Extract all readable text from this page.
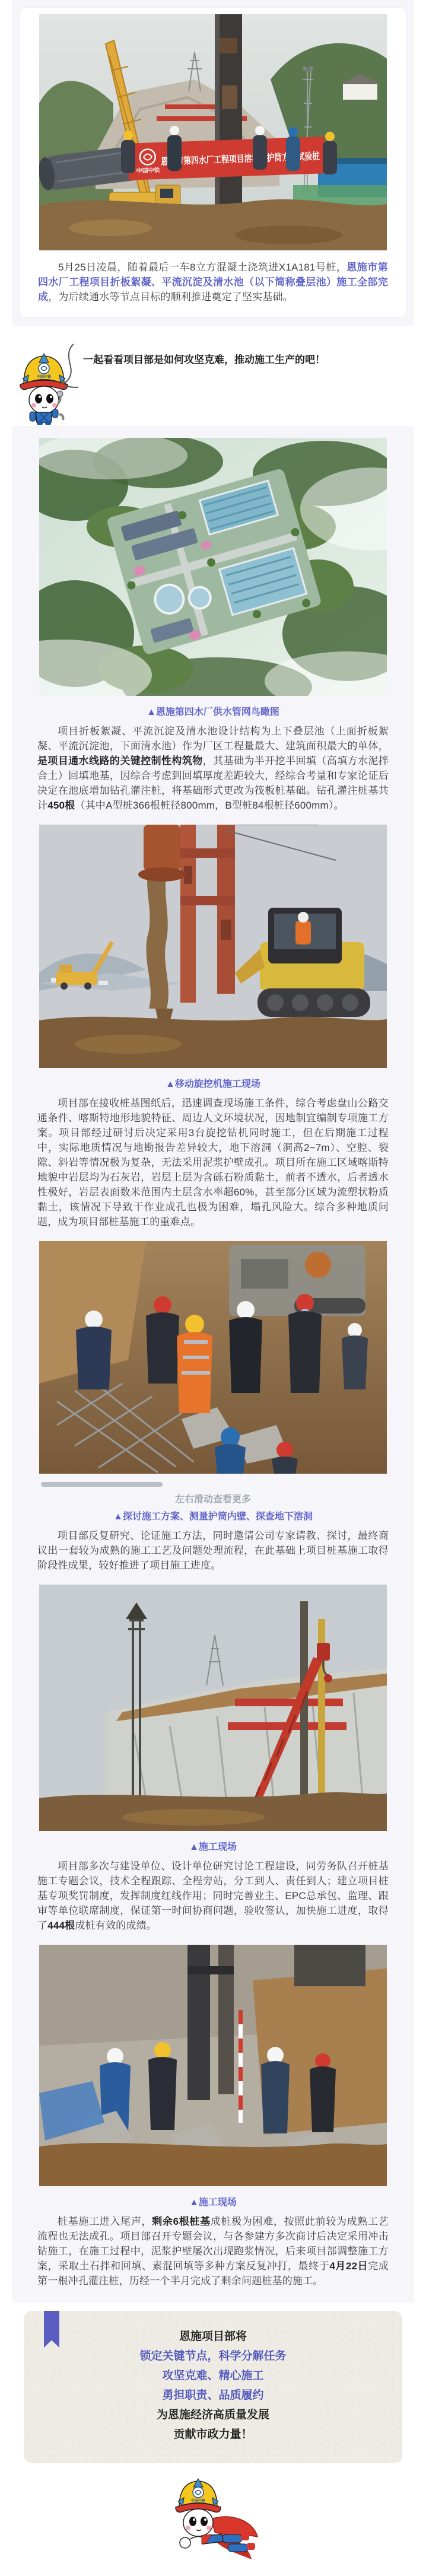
中国中铁

5月25日凌晨，随着最后一车8立方混凝土浇筑进X1A181号桩，恩施市第四水厂工程项目折板絮凝、平流沉淀及清水池（以下简称叠层池）施工全部完成，为后续通水等节点目标的顺利推进奠定了坚实基础。

中国中铁
一起看看项目部是如何攻坚克难，推动施工生产的吧！
▲恩施第四水厂供水管网鸟瞰图

项目折板絮凝、平流沉淀及清水池设计结构为上下叠层池（上面折板絮凝、平流沉淀池，下面清水池）作为厂区工程量最大、建筑面积最大的单体，是项目通水线路的关键控制性构筑物，其基础为半开挖半回填（高填方水泥拌合土）回填地基，因综合考虑到回填厚度差距较大，经综合考量和专家论证后决定在池底增加钻孔灌注桩，将基础形式更改为筏板桩基础。钻孔灌注桩基共计450根（其中A型桩366根桩径800mm，B型桩84根桩径600mm）。

▲移动旋挖机施工现场

项目部在接收桩基图纸后，迅速调查现场施工条件，综合考虑盘山公路交通条件、喀斯特地形地貌特征、周边人文环境状况，因地制宜编制专项施工方案。项目部经过研讨后决定采用3台旋挖钻机同时施工，但在后期施工过程中，实际地质情况与地勘报告差异较大，地下溶洞（洞高2~7m）、空腔、裂隙、斜岩等情况极为复杂，无法采用泥浆护壁成孔。项目所在施工区域喀斯特地貌中岩层均为石灰岩，岩层上层为含砾石粉质黏土，前者不透水，后者透水性极好，岩层表面数米范围内土层含水率超60%，甚至部分区域为流塑状粉质黏土，该情况下导致干作业成孔也极为困难，塌孔风险大。综合多种地质问题，成为项目部桩基施工的重难点。

左右滑动查看更多
▲探讨施工方案、测量护筒内壁、探查地下溶洞

项目部反复研究、论证施工方法，同时邀请公司专家请教、探讨，最终商议出一套较为成熟的施工工艺及问题处理流程，在此基础上项目桩基施工取得阶段性成果，较好推进了项目施工进度。

▲施工现场

项目部多次与建设单位、设计单位研究讨论工程建设，同劳务队召开桩基施工专题会议，技术全程跟踪、全程旁站，分工到人、责任到人；建立项目桩基专项奖罚制度，发挥制度红线作用；同时完善业主、EPC总承包、监理、跟审等单位联席制度，保证第一时间协商问题，验收签认，加快施工进度，取得了444根成桩有效的成绩。

▲施工现场

桩基施工进入尾声，剩余6根桩基成桩极为困难，按照此前较为成熟工艺流程也无法成孔。项目部召开专题会议，与各参建方多次商讨后决定采用冲击钻施工，在施工过程中，泥浆护壁屡次出现跑浆情况，后来项目部调整施工方案，采取土石拌和回填、素混回填等多种方案反复冲打，最终于4月22日完成第一根冲孔灌注桩，历经一个半月完成了剩余问题桩基的施工。

恩施项目部将
锁定关键节点，科学分解任务
攻坚克难、精心施工
勇担职责、品质履约
为恩施经济高质量发展
贡献市政力量！
中国中铁
